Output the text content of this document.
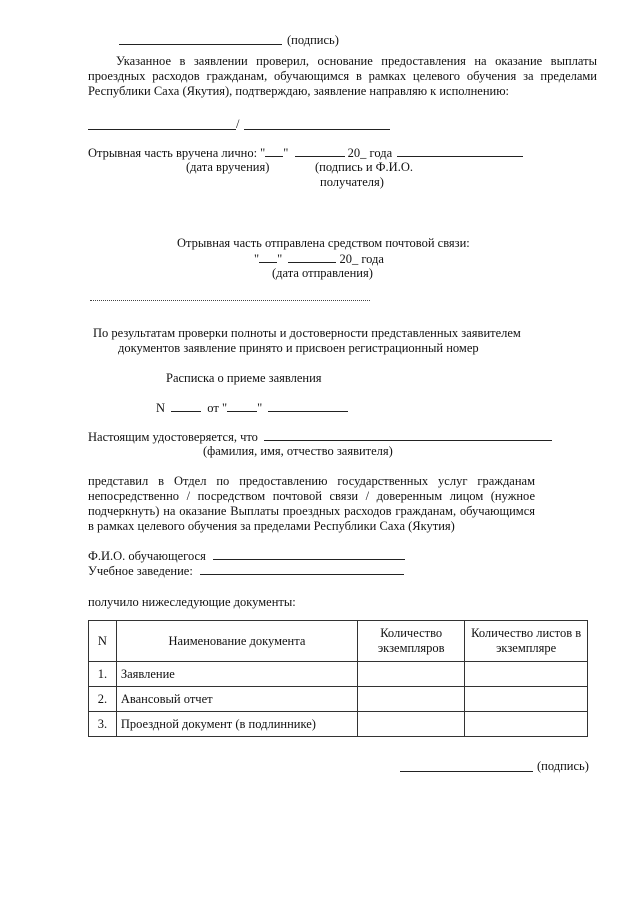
(подпись)
Указанное в заявлении проверил, основание предоставления на оказание выплаты
проездных расходов гражданам, обучающимся в рамках целевого обучения за пределами
Республики Саха (Якутия), подтверждаю, заявление направляю к исполнению:
/
Отрывная часть вручена лично: " "	20_ года
(дата вручения)	(подпись и Ф.И.О.
получателя)
Отрывная часть отправлена средством почтовой связи:
" "	20_ года
(дата отправления)
По результатам проверки полноты и достоверности представленных заявителем
документов заявление принято и присвоен регистрационный номер
Расписка о приеме заявления
N	от " "
Настоящим удостоверяется, что
(фамилия, имя, отчество заявителя)
представил в Отдел по предоставлению государственных услуг гражданам
непосредственно / посредством почтовой связи / доверенным лицом (нужное
подчеркнуть) на оказание Выплаты проездных расходов гражданам, обучающимся
в рамках целевого обучения за пределами Республики Саха (Якутия)
Ф.И.О. обучающегося
Учебное заведение:
получило нижеследующие документы:
N	Наименование документа	Количество экземпляров	Количество листов в экземпляре
1.	Заявление		
2.	Авансовый отчет		
3.	Проездной документ (в подлиннике)		
(подпись)
